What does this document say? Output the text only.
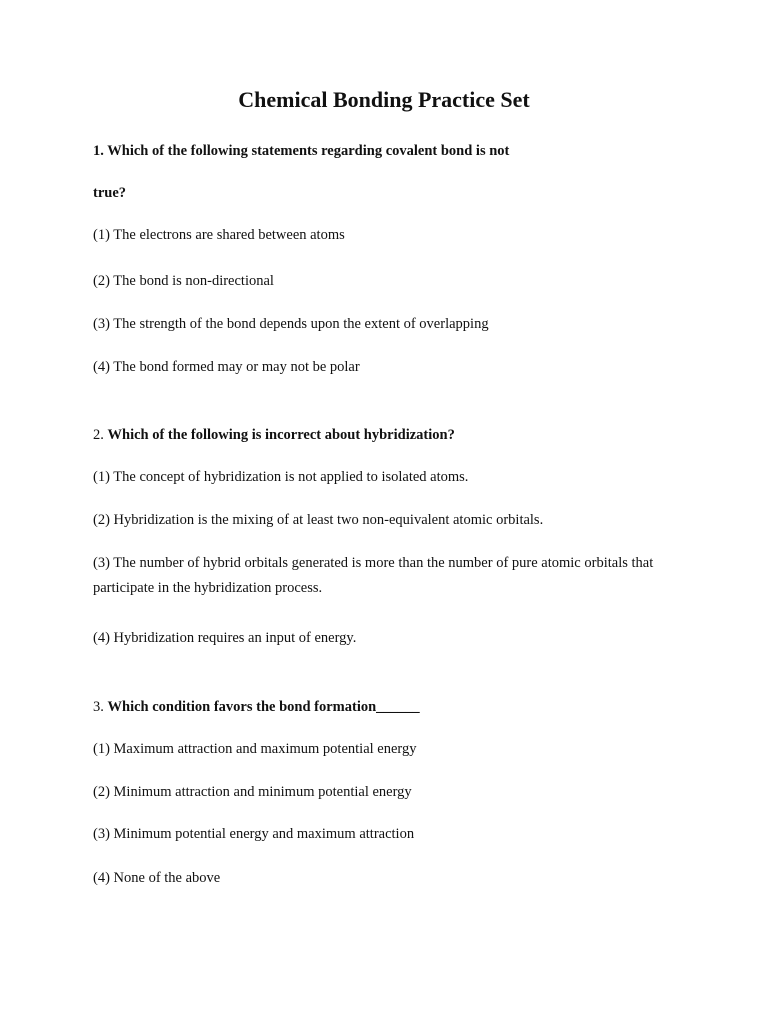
Chemical Bonding Practice Set

1. Which of the following statements regarding covalent bond is not

true?

(1) The electrons are shared between atoms

(2) The bond is non-directional

(3) The strength of the bond depends upon the extent of overlapping

(4) The bond formed may or may not be polar

2. Which of the following is incorrect about hybridization?

(1) The concept of hybridization is not applied to isolated atoms.

(2) Hybridization is the mixing of at least two non-equivalent atomic orbitals.

(3) The number of hybrid orbitals generated is more than the number of pure atomic orbitals that participate in the hybridization process.

(4) Hybridization requires an input of energy.

3. Which condition favors the bond formation______

(1) Maximum attraction and maximum potential energy

(2) Minimum attraction and minimum potential energy

(3) Minimum potential energy and maximum attraction

(4) None of the above
